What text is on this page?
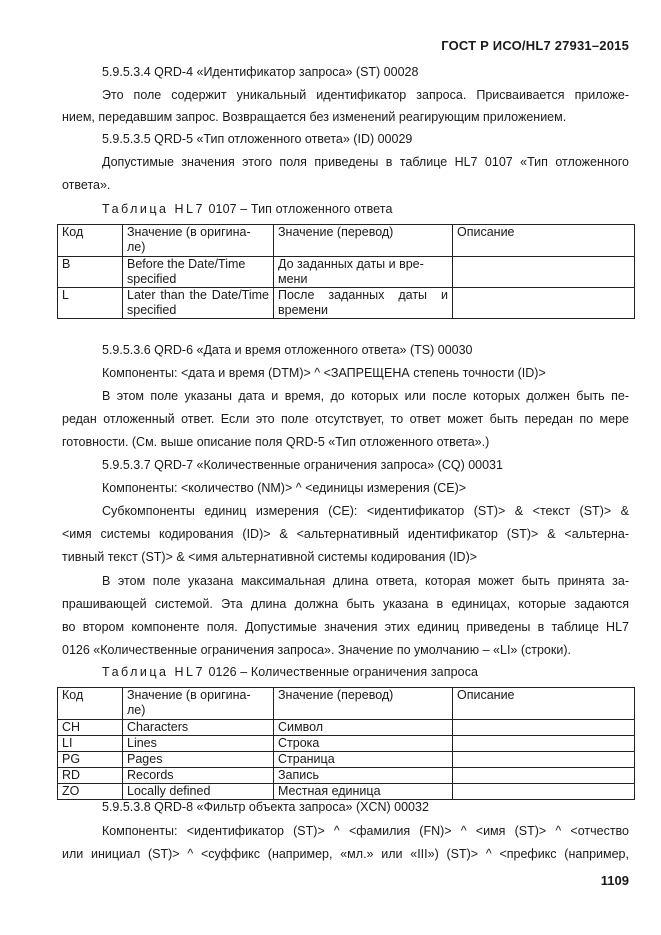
ГОСТ Р ИСО/HL7 27931–2015
5.9.5.3.4 QRD-4 «Идентификатор запроса» (ST) 00028
Это поле содержит уникальный идентификатор запроса. Присваивается приложе-
нием, передавшим запрос. Возвращается без изменений реагирующим приложением.
5.9.5.3.5 QRD-5 «Тип отложенного ответа» (ID) 00029
Допустимые значения этого поля приведены в таблице HL7 0107 «Тип отложенного
ответа».
Таблица HL7 0107 – Тип отложенного ответа
Код	Значение (в оригина-ле)	Значение (перевод)	Описание
B	Before the Date/Time specified	До заданных даты и вре-мени	
L	Later than the Date/Time specified	После заданных даты и времени	
5.9.5.3.6 QRD-6 «Дата и время отложенного ответа» (TS) 00030
Компоненты: <дата и время (DTM)> ^ <ЗАПРЕЩЕНА степень точности (ID)>
В этом поле указаны дата и время, до которых или после которых должен быть пе-
редан отложенный ответ. Если это поле отсутствует, то ответ может быть передан по мере
готовности. (См. выше описание поля QRD-5 «Тип отложенного ответа».)
5.9.5.3.7 QRD-7 «Количественные ограничения запроса» (CQ) 00031
Компоненты: <количество (NM)> ^ <единицы измерения (CE)>
Субкомпоненты единиц измерения (CE): <идентификатор (ST)> & <текст (ST)> &
<имя системы кодирования (ID)> & <альтернативный идентификатор (ST)> & <альтерна-
тивный текст (ST)> & <имя альтернативной системы кодирования (ID)>
В этом поле указана максимальная длина ответа, которая может быть принята за-
прашивающей системой. Эта длина должна быть указана в единицах, которые задаются
во втором компоненте поля. Допустимые значения этих единиц приведены в таблице HL7
0126 «Количественные ограничения запроса». Значение по умолчанию – «LI» (строки).
Таблица HL7 0126 – Количественные ограничения запроса
Код	Значение (в оригина-ле)	Значение (перевод)	Описание
CH	Characters	Символ	
LI	Lines	Строка	
PG	Pages	Страница	
RD	Records	Запись	
ZO	Locally defined	Местная единица	
5.9.5.3.8 QRD-8 «Фильтр объекта запроса» (XCN) 00032
Компоненты: <идентификатор (ST)> ^ <фамилия (FN)> ^ <имя (ST)> ^ <отчество
или инициал (ST)> ^ <суффикс (например, «мл.» или «III») (ST)> ^ <префикс (например,
1109
